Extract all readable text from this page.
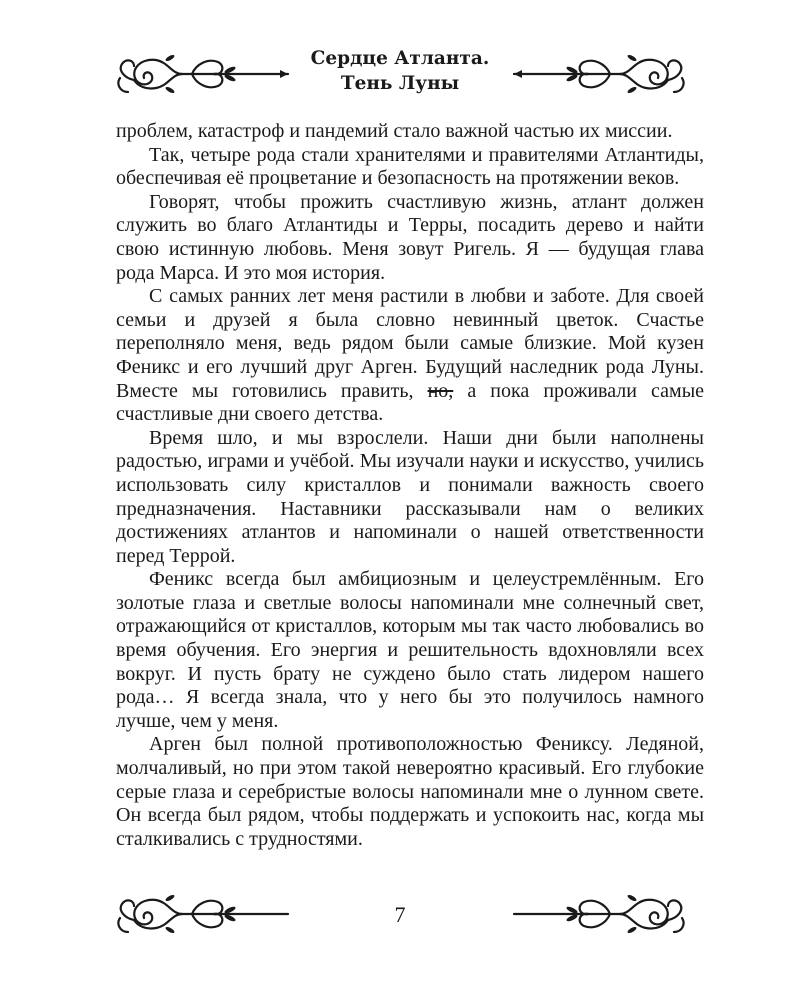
Сердце Атланта.
Тень Луны

проблем, катастроф и пандемий стало важной частью их миссии.

Так, четыре рода стали хранителями и правителями Атлантиды, обеспечивая её процветание и безопасность на протяжении веков.

Говорят, чтобы прожить счастливую жизнь, атлант должен служить во благо Атлантиды и Терры, посадить дерево и найти свою истинную любовь. Меня зовут Ригель. Я — будущая глава рода Марса. И это моя история.

С самых ранних лет меня растили в любви и заботе. Для своей семьи и друзей я была словно невинный цветок. Счастье переполняло меня, ведь рядом были самые близкие. Мой кузен Феникс и его лучший друг Арген. Будущий наследник рода Луны. Вместе мы готовились править, но, а пока проживали самые счастливые дни своего детства.

Время шло, и мы взрослели. Наши дни были наполнены радостью, играми и учёбой. Мы изучали науки и искусство, учились использовать силу кристаллов и понимали важность своего предназначения. Наставники рассказывали нам о великих достижениях атлантов и напоминали о нашей ответственности перед Террой.

Феникс всегда был амбициозным и целеустремлённым. Его золотые глаза и светлые волосы напоминали мне солнечный свет, отражающийся от кристаллов, которым мы так часто любовались во время обучения. Его энергия и решительность вдохновляли всех вокруг. И пусть брату не суждено было стать лидером нашего рода… Я всегда знала, что у него бы это получилось намного лучше, чем у меня.

Арген был полной противоположностью Фениксу. Ледяной, молчаливый, но при этом такой невероятно красивый. Его глубокие серые глаза и серебристые волосы напоминали мне о лунном свете. Он всегда был рядом, чтобы поддержать и успокоить нас, когда мы сталкивались с трудностями.

7
